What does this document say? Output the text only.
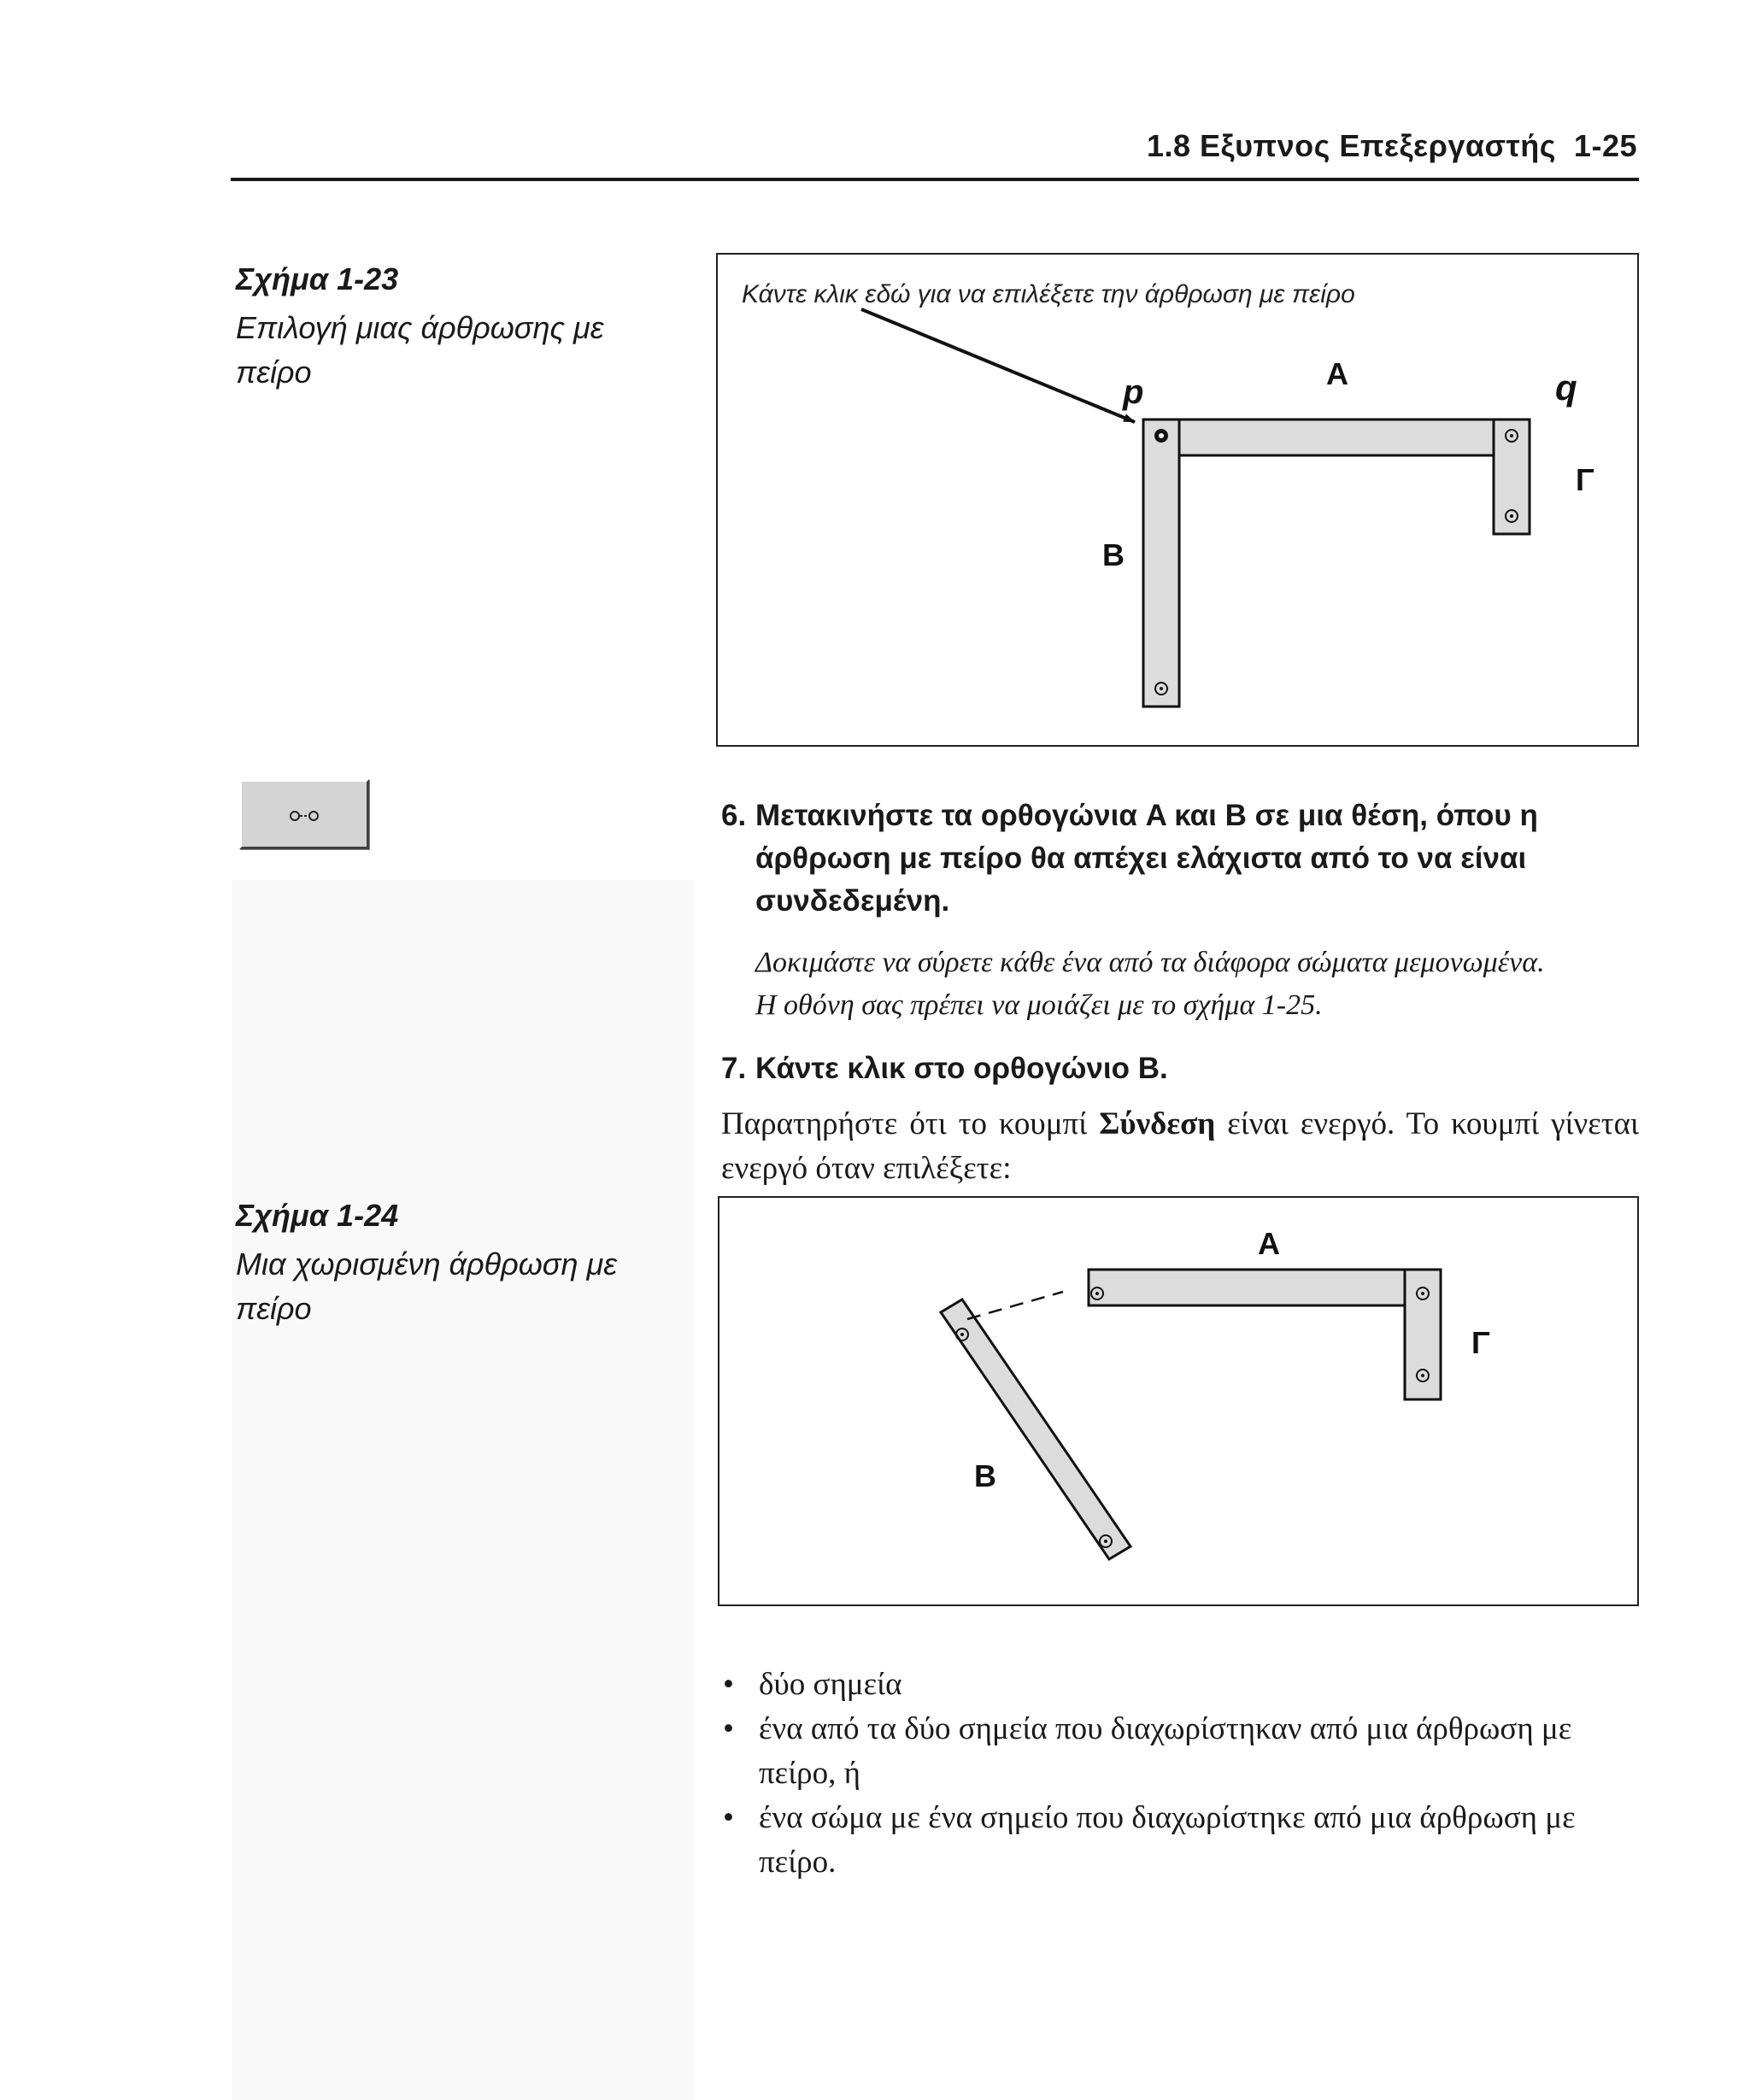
1.8 Εξυπνος Επεξεργαστής  1-25
Σχήμα 1-23
Επιλογή μιας άρθρωσης με πείρο
Κάντε κλικ εδώ για να επιλέξετε την άρθρωση με πείρο
p	A	q
Γ
B
6. Μετακινήστε τα ορθογώνια A και B σε μια θέση, όπου η άρθρωση με πείρο θα απέχει ελάχιστα από το να είναι συνδεδεμένη.
Δοκιμάστε να σύρετε κάθε ένα από τα διάφορα σώματα μεμονωμένα.
Η οθόνη σας πρέπει να μοιάζει με το σχήμα 1-25.
7. Κάντε κλικ στο ορθογώνιο B.
Παρατηρήστε ότι το κουμπί Σύνδεση είναι ενεργό. Το κουμπί γίνεται ενεργό όταν επιλέξετε:
Σχήμα 1-24
Μια χωρισμένη άρθρωση με πείρο
A
Γ
B
• δύο σημεία
• ένα από τα δύο σημεία που διαχωρίστηκαν από μια άρθρωση με πείρο, ή
• ένα σώμα με ένα σημείο που διαχωρίστηκε από μια άρθρωση με πείρο.
